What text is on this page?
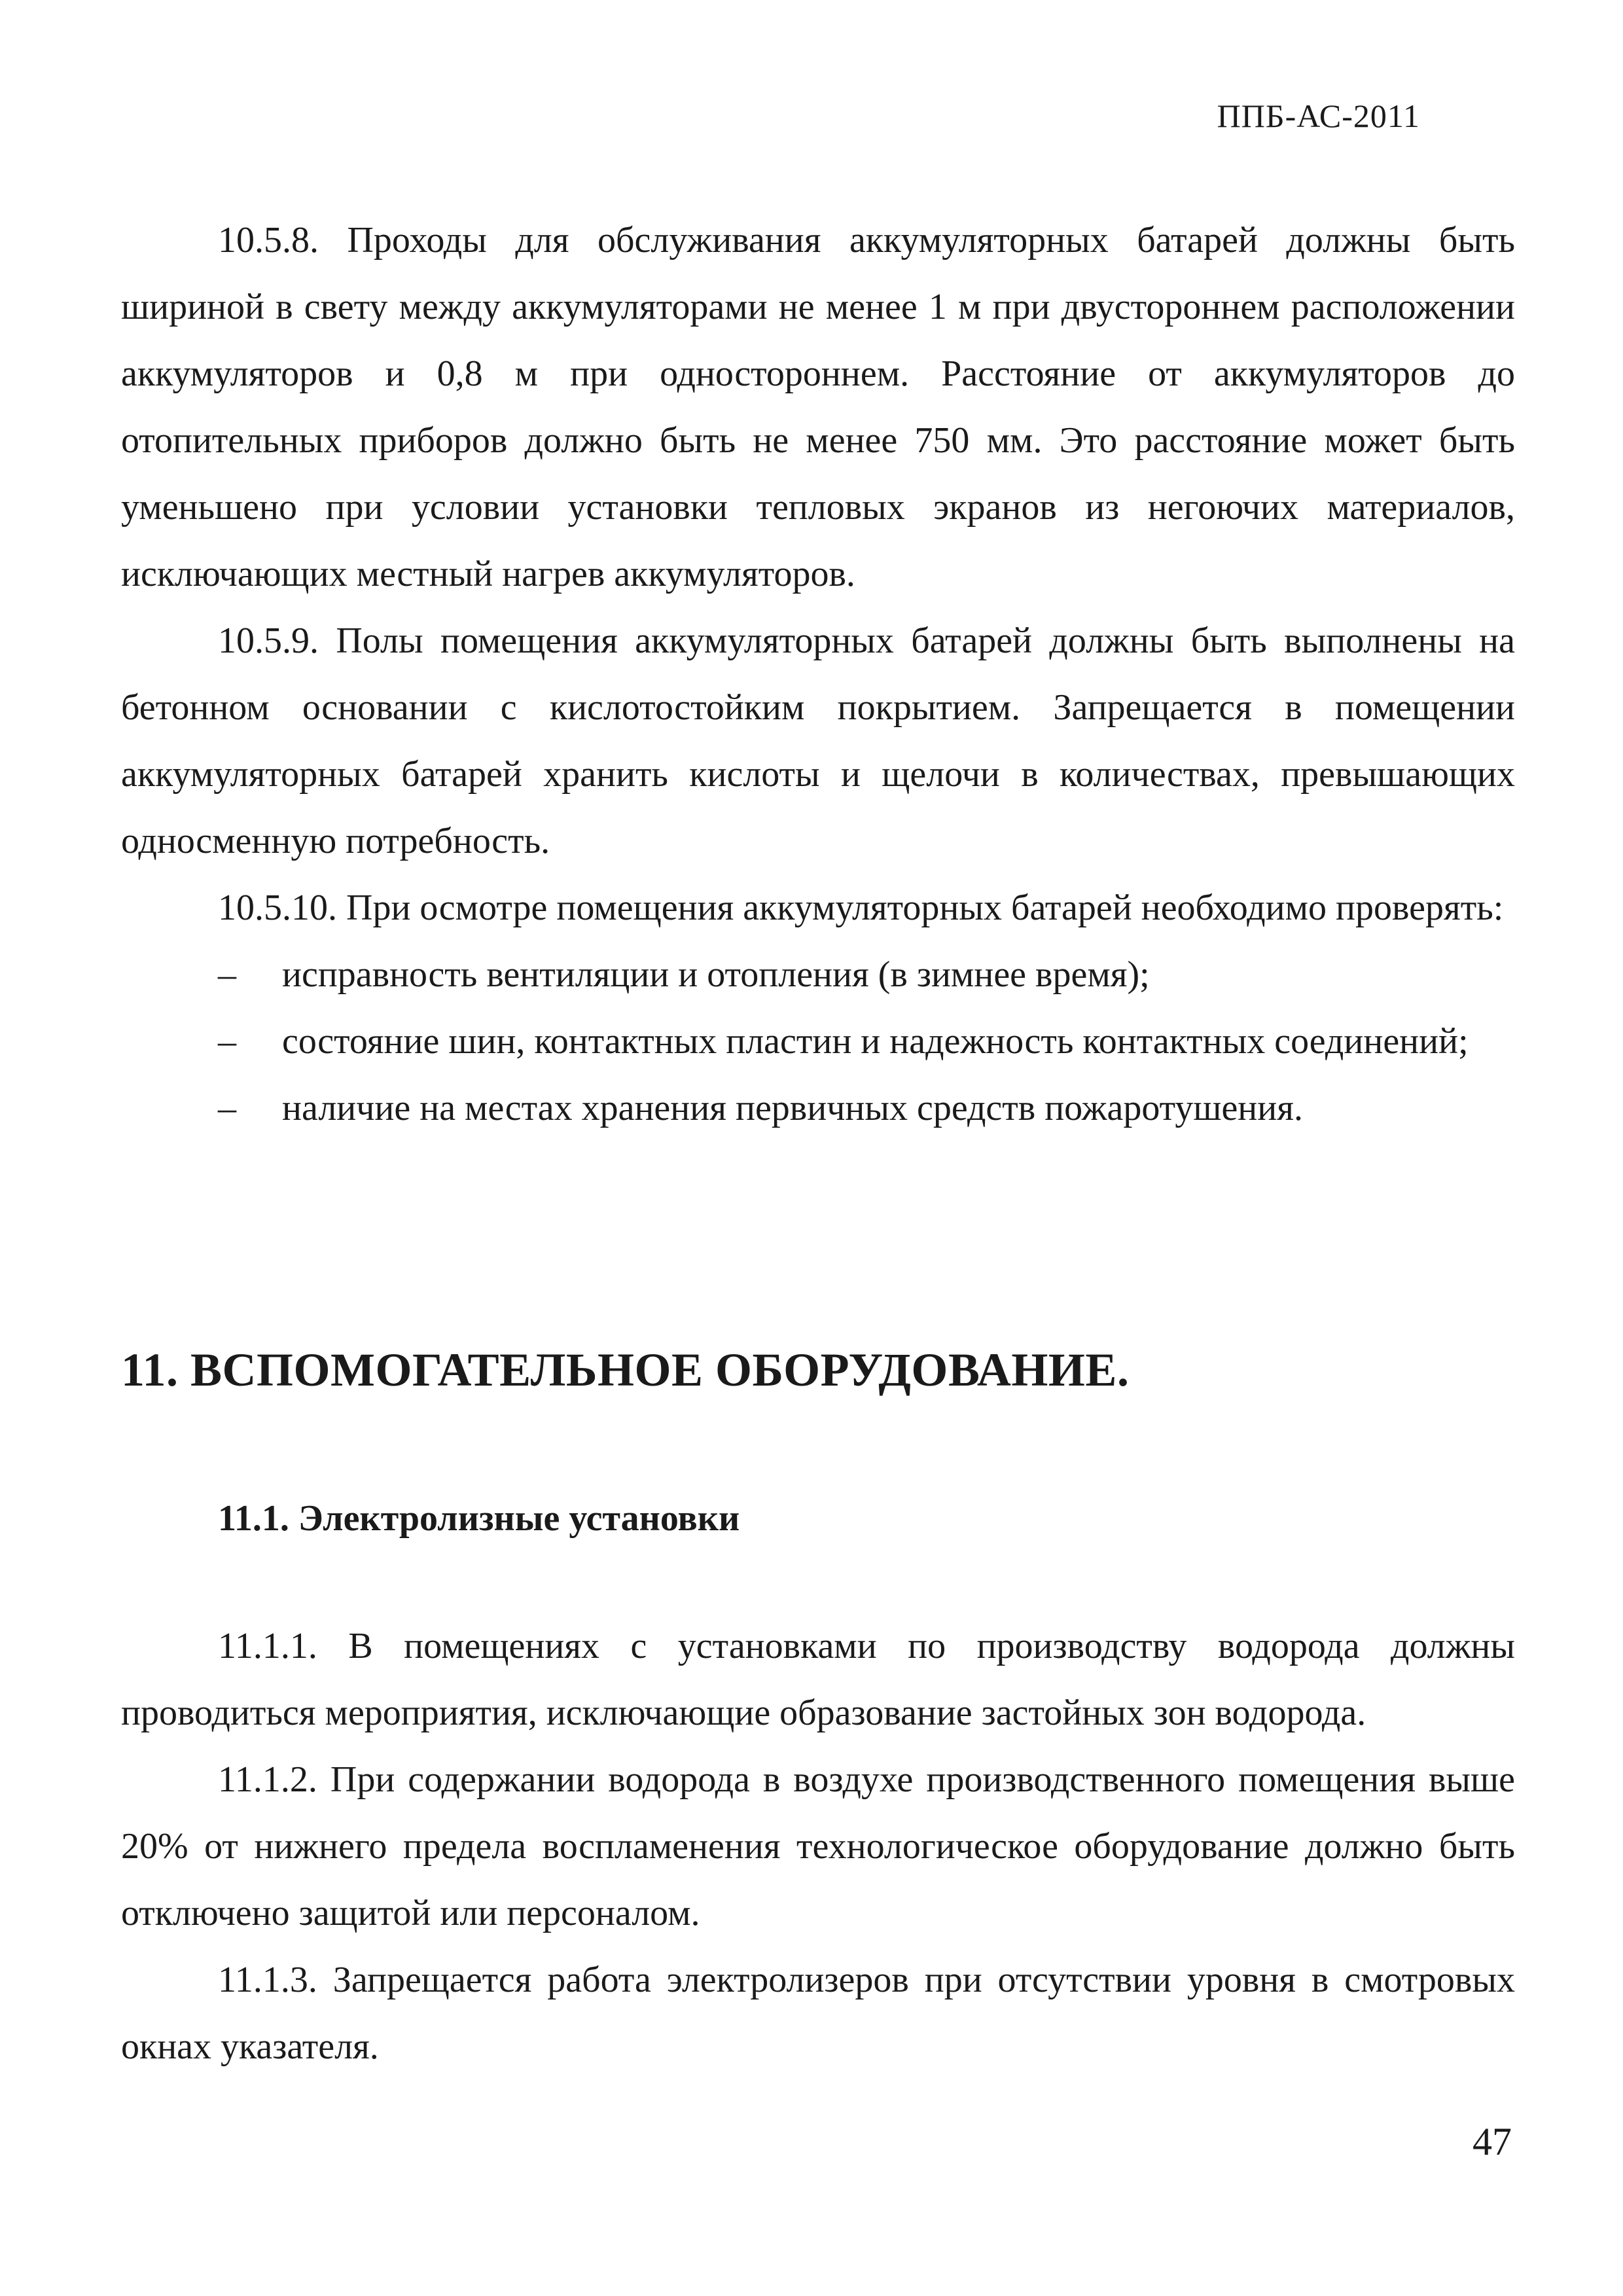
ППБ-АС-2011

10.5.8. Проходы для обслуживания аккумуляторных батарей должны быть шириной в свету между аккумуляторами не менее 1 м при двустороннем расположении аккумуляторов и 0,8 м при одностороннем. Расстояние от аккумуляторов до отопительных приборов должно быть не менее 750 мм. Это расстояние может быть уменьшено при условии установки тепловых экранов из негоючих материалов, исключающих местный нагрев аккумуляторов.

10.5.9. Полы помещения аккумуляторных батарей должны быть выполнены на бетонном основании с кислотостойким покрытием. Запрещается в помещении аккумуляторных батарей хранить кислоты и щелочи в количествах, превышающих односменную потребность.

10.5.10. При осмотре помещения аккумуляторных батарей необходимо проверять:

– исправность вентиляции и отопления (в зимнее время);

– состояние шин, контактных пластин и надежность контактных соединений;

– наличие на местах хранения первичных средств пожаротушения.

11. ВСПОМОГАТЕЛЬНОЕ ОБОРУДОВАНИЕ.
11.1. Электролизные установки

11.1.1. В помещениях с установками по производству водорода должны проводиться мероприятия, исключающие образование застойных зон водорода.

11.1.2. При содержании водорода в воздухе производственного помещения выше 20% от нижнего предела воспламенения технологическое оборудование должно быть отключено защитой или персоналом.

11.1.3. Запрещается работа электролизеров при отсутствии уровня в смотровых окнах указателя.

47
